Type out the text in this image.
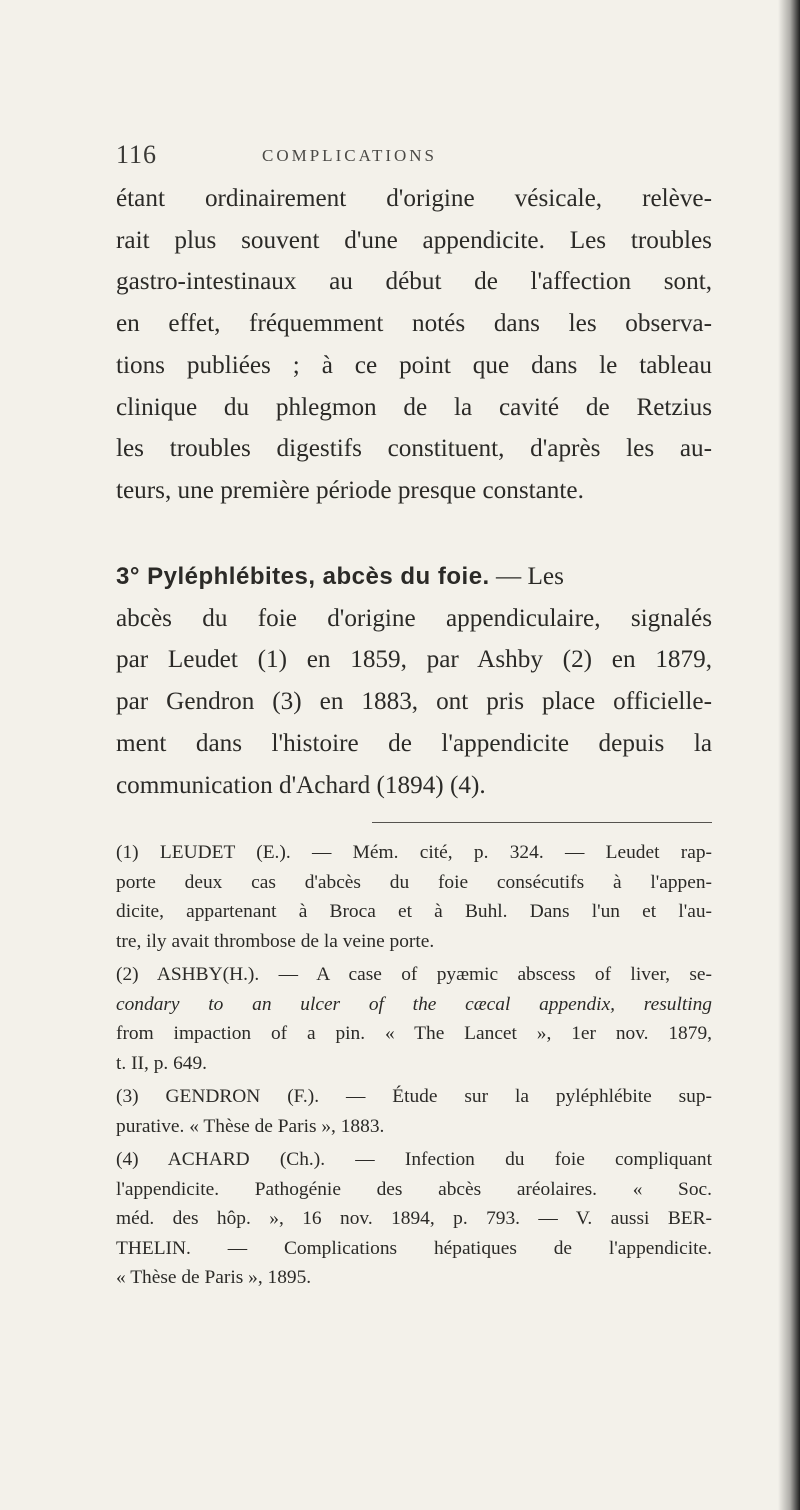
116	COMPLICATIONS

étant ordinairement d'origine vésicale, relève-
rait plus souvent d'une appendicite. Les troubles
gastro-intestinaux au début de l'affection sont,
en effet, fréquemment notés dans les observa-
tions publiées ; à ce point que dans le tableau
clinique du phlegmon de la cavité de Retzius
les troubles digestifs constituent, d'après les au-
teurs, une première période presque constante.

3° Pyléphlébites, abcès du foie. — Les
abcès du foie d'origine appendiculaire, signalés
par Leudet (1) en 1859, par Ashby (2) en 1879,
par Gendron (3) en 1883, ont pris place officielle-
ment dans l'histoire de l'appendicite depuis la
communication d'Achard (1894) (4).

(1) LEUDET (E.). — Mém. cité, p. 324. — Leudet rap-
porte deux cas d'abcès du foie consécutifs à l'appen-
dicite, appartenant à Broca et à Buhl. Dans l'un et l'au-
tre, ily avait thrombose de la veine porte.

(2) ASHBY(H.). — A case of pyæmic abscess of liver, se-
condary to an ulcer of the cæcal appendix, resulting
from impaction of a pin. « The Lancet », 1er nov. 1879,
t. II, p. 649.

(3) GENDRON (F.). — Étude sur la pyléphlébite sup-
purative. « Thèse de Paris », 1883.

(4) ACHARD (Ch.). — Infection du foie compliquant
l'appendicite. Pathogénie des abcès aréolaires. « Soc.
méd. des hôp. », 16 nov. 1894, p. 793. — V. aussi BER-
THELIN. — Complications hépatiques de l'appendicite.
« Thèse de Paris », 1895.
